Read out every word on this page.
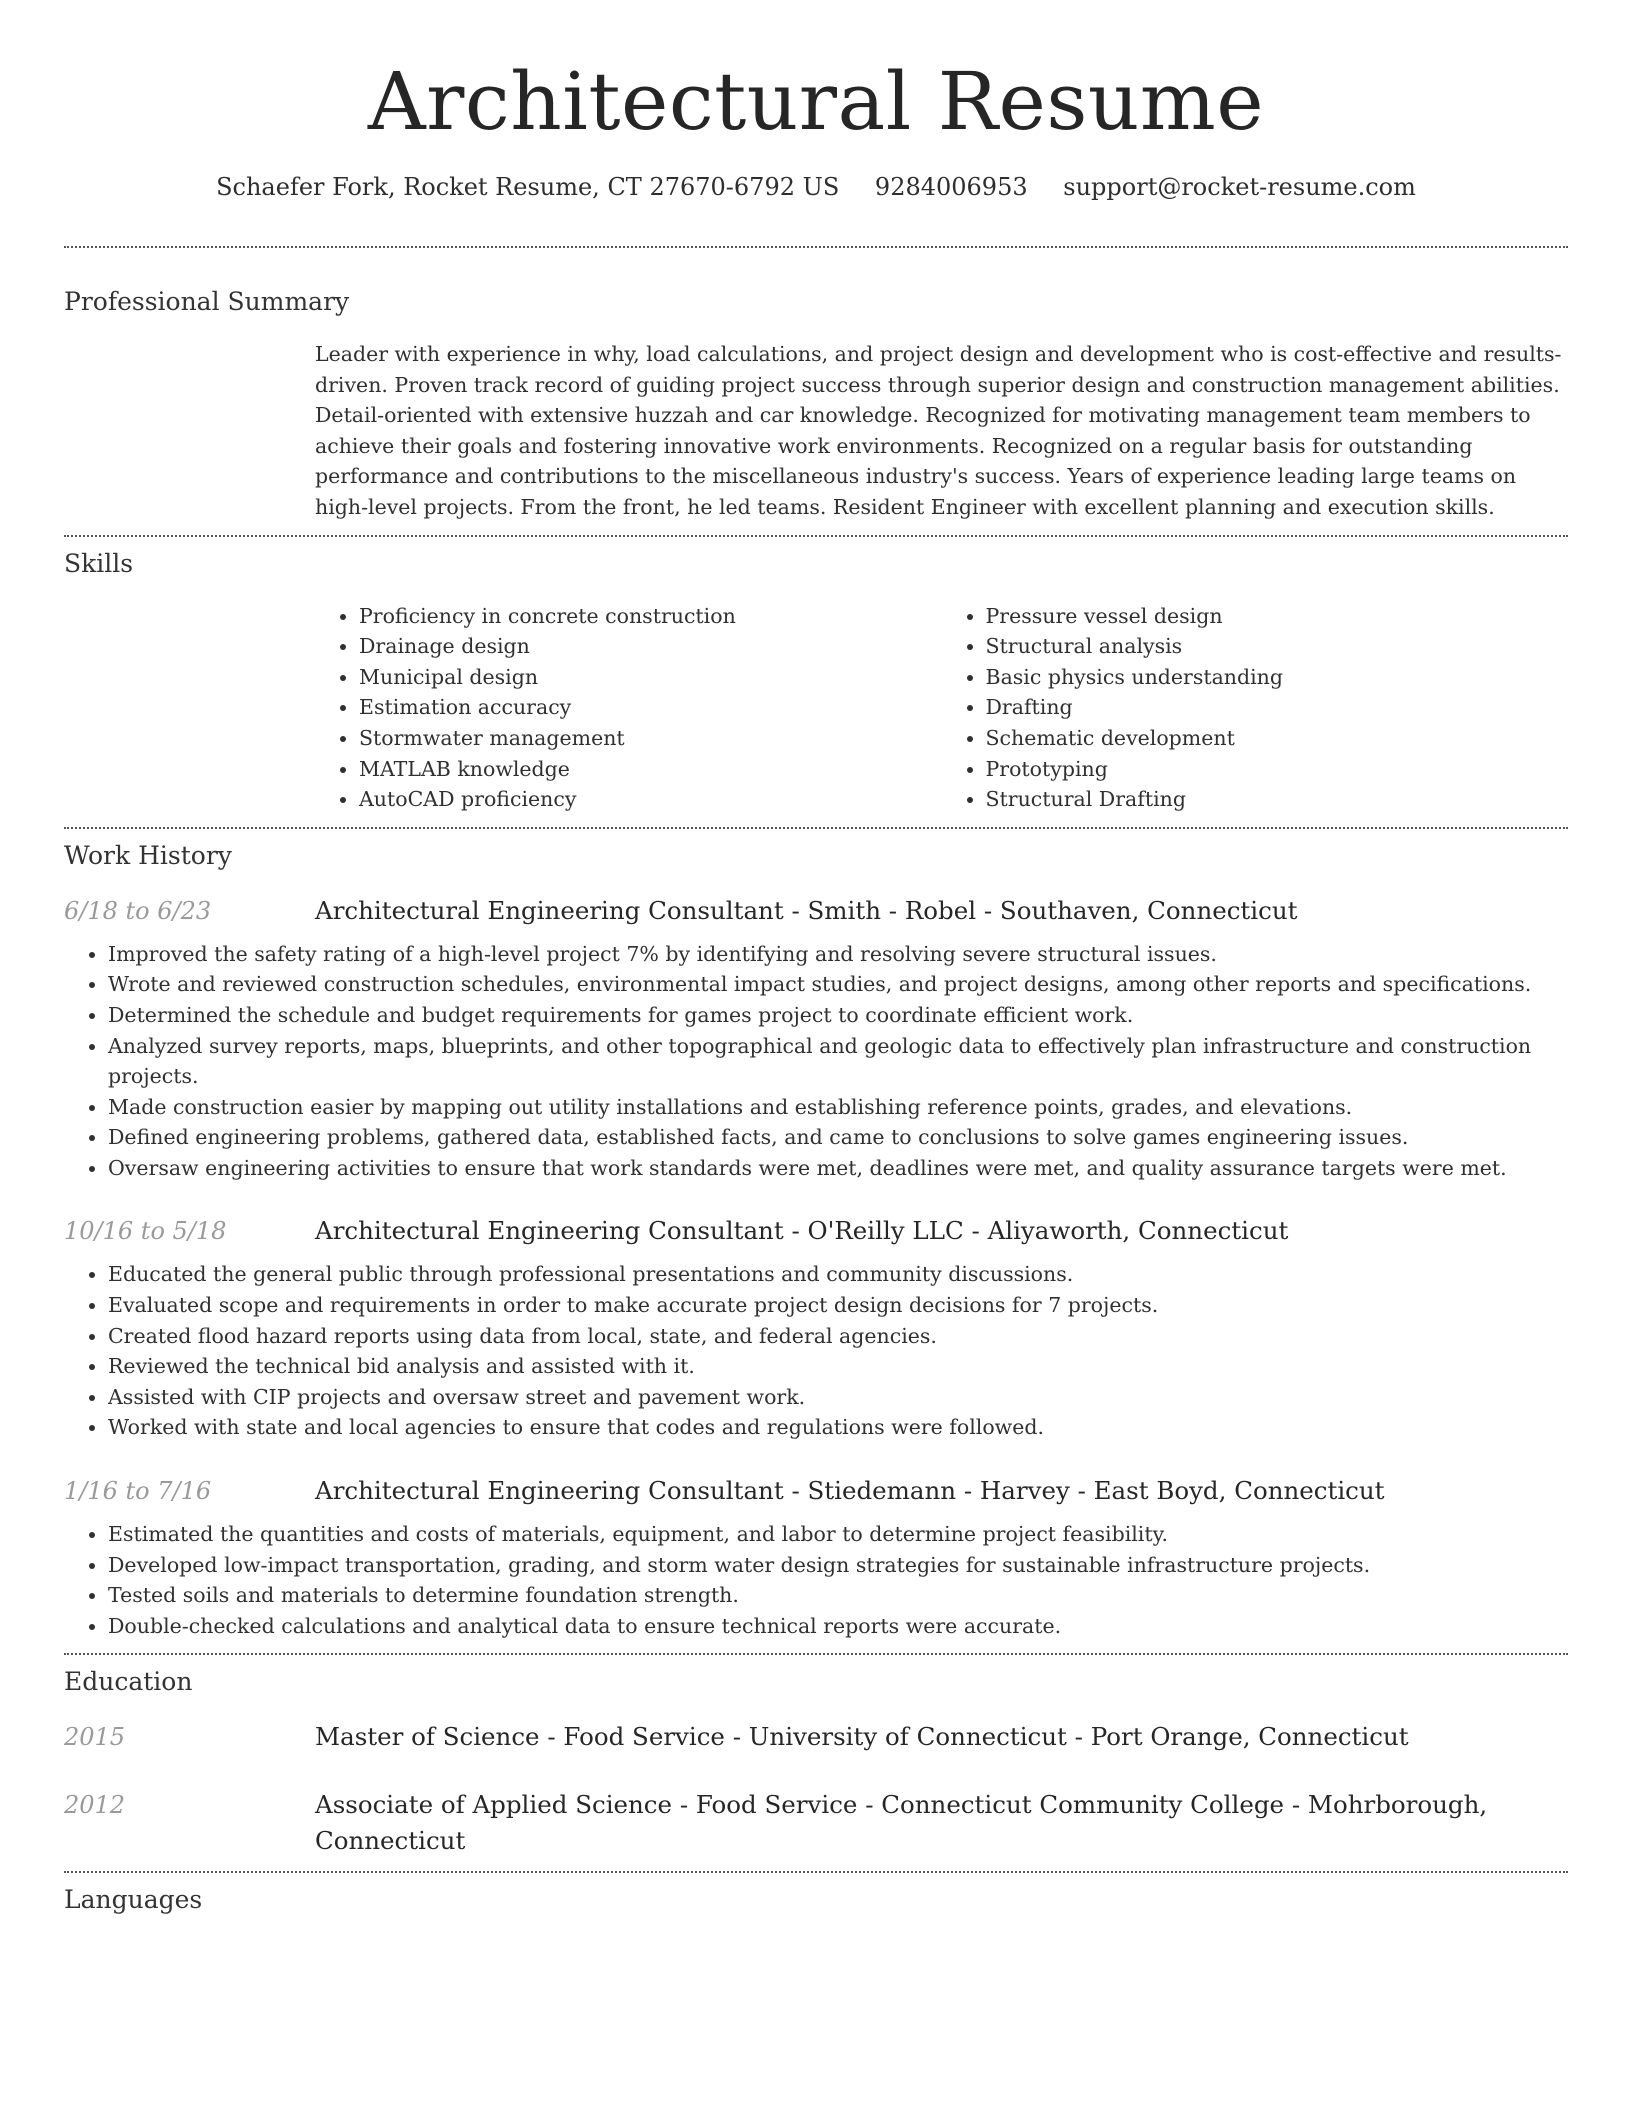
Architectural Resume
Schaefer Fork, Rocket Resume, CT 27670-6792 US 9284006953 support@rocket-resume.com
Professional Summary

Leader with experience in why, load calculations, and project design and development who is cost-effective and results-driven. Proven track record of guiding project success through superior design and construction management abilities. Detail-oriented with extensive huzzah and car knowledge. Recognized for motivating management team members to achieve their goals and fostering innovative work environments. Recognized on a regular basis for outstanding performance and contributions to the miscellaneous industry's success. Years of experience leading large teams on high-level projects. From the front, he led teams. Resident Engineer with excellent planning and execution skills.

Skills
• Proficiency in concrete construction
• Drainage design
• Municipal design
• Estimation accuracy
• Stormwater management
• MATLAB knowledge
• AutoCAD proficiency
• Pressure vessel design
• Structural analysis
• Basic physics understanding
• Drafting
• Schematic development
• Prototyping
• Structural Drafting
Work History
6/18 to 6/23	Architectural Engineering Consultant - Smith - Robel - Southaven, Connecticut
• Improved the safety rating of a high-level project 7% by identifying and resolving severe structural issues.
• Wrote and reviewed construction schedules, environmental impact studies, and project designs, among other reports and specifications.
• Determined the schedule and budget requirements for games project to coordinate efficient work.
• Analyzed survey reports, maps, blueprints, and other topographical and geologic data to effectively plan infrastructure and construction projects.
• Made construction easier by mapping out utility installations and establishing reference points, grades, and elevations.
• Defined engineering problems, gathered data, established facts, and came to conclusions to solve games engineering issues.
• Oversaw engineering activities to ensure that work standards were met, deadlines were met, and quality assurance targets were met.
10/16 to 5/18	Architectural Engineering Consultant - O'Reilly LLC - Aliyaworth, Connecticut
• Educated the general public through professional presentations and community discussions.
• Evaluated scope and requirements in order to make accurate project design decisions for 7 projects.
• Created flood hazard reports using data from local, state, and federal agencies.
• Reviewed the technical bid analysis and assisted with it.
• Assisted with CIP projects and oversaw street and pavement work.
• Worked with state and local agencies to ensure that codes and regulations were followed.
1/16 to 7/16	Architectural Engineering Consultant - Stiedemann - Harvey - East Boyd, Connecticut
• Estimated the quantities and costs of materials, equipment, and labor to determine project feasibility.
• Developed low-impact transportation, grading, and storm water design strategies for sustainable infrastructure projects.
• Tested soils and materials to determine foundation strength.
• Double-checked calculations and analytical data to ensure technical reports were accurate.
Education
2015	Master of Science - Food Service - University of Connecticut - Port Orange, Connecticut
2012	Associate of Applied Science - Food Service - Connecticut Community College - Mohrborough, Connecticut
Languages
